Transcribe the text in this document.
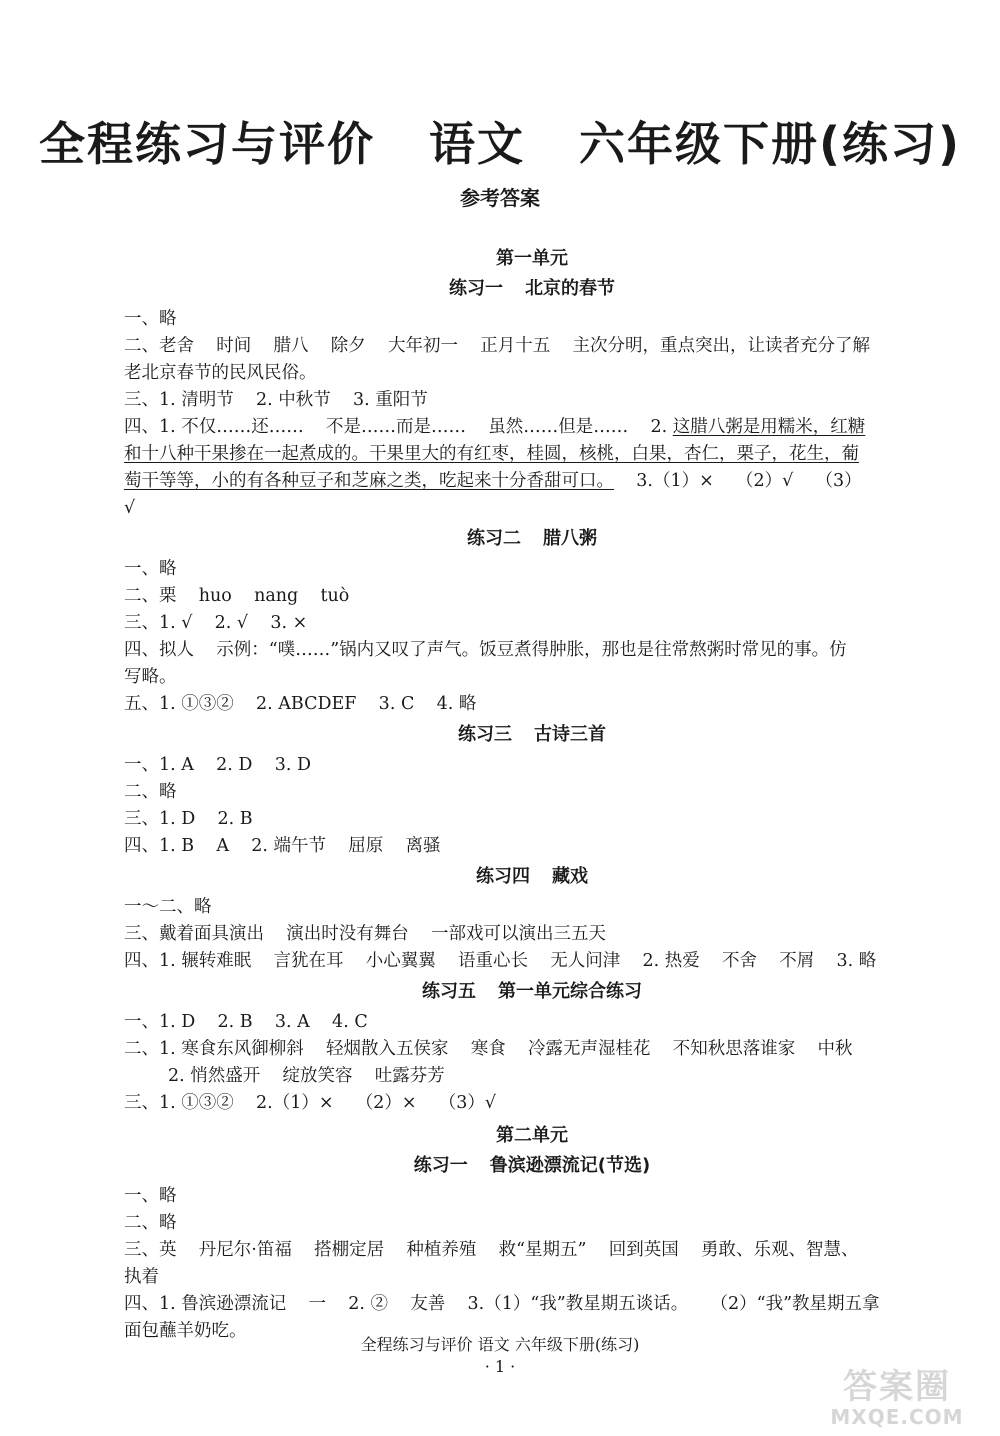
全程练习与评价 语文 六年级下册(练习)
参考答案
第一单元
练习一 北京的春节
一、略
二、老舍    时间    腊八    除夕    大年初一    正月十五    主次分明，重点突出，让读者充分了解
老北京春节的民风民俗。
三、1. 清明节    2. 中秋节    3. 重阳节
四、1. 不仅……还……    不是……而是……    虽然……但是……    2. 这腊八粥是用糯米，红糖
和十八种干果掺在一起煮成的。干果里大的有红枣，桂圆，核桃，白果，杏仁，栗子，花生，葡
萄干等等，小的有各种豆子和芝麻之类，吃起来十分香甜可口。    3.（1）×    （2）√    （3）
√
练习二 腊八粥
一、略
二、栗    huo    nang    tuò
三、1. √    2. √    3. ×
四、拟人    示例：“噗……”锅内又叹了声气。饭豆煮得肿胀，那也是往常熬粥时常见的事。仿
写略。
五、1. ①③②    2. ABCDEF    3. C    4. 略
练习三 古诗三首
一、1. A    2. D    3. D
二、略
三、1. D    2. B
四、1. B    A    2. 端午节    屈原    离骚
练习四 藏戏
一～二、略
三、戴着面具演出    演出时没有舞台    一部戏可以演出三五天
四、1. 辗转难眠    言犹在耳    小心翼翼    语重心长    无人问津    2. 热爱    不舍    不屑    3. 略
练习五 第一单元综合练习
一、1. D    2. B    3. A    4. C
二、1. 寒食东风御柳斜    轻烟散入五侯家    寒食    冷露无声湿桂花    不知秋思落谁家    中秋
2. 悄然盛开    绽放笑容    吐露芬芳
三、1. ①③②    2.（1）×    （2）×    （3）√
第二单元
练习一 鲁滨逊漂流记(节选)
一、略
二、略
三、英    丹尼尔·笛福    搭棚定居    种植养殖    救“星期五”    回到英国    勇敢、乐观、智慧、
执着
四、1. 鲁滨逊漂流记    一    2. ②    友善    3.（1）“我”教星期五谈话。    （2）“我”教星期五拿
面包蘸羊奶吃。
全程练习与评价 语文 六年级下册(练习)
· 1 ·
答案圈
MXQE.COM
